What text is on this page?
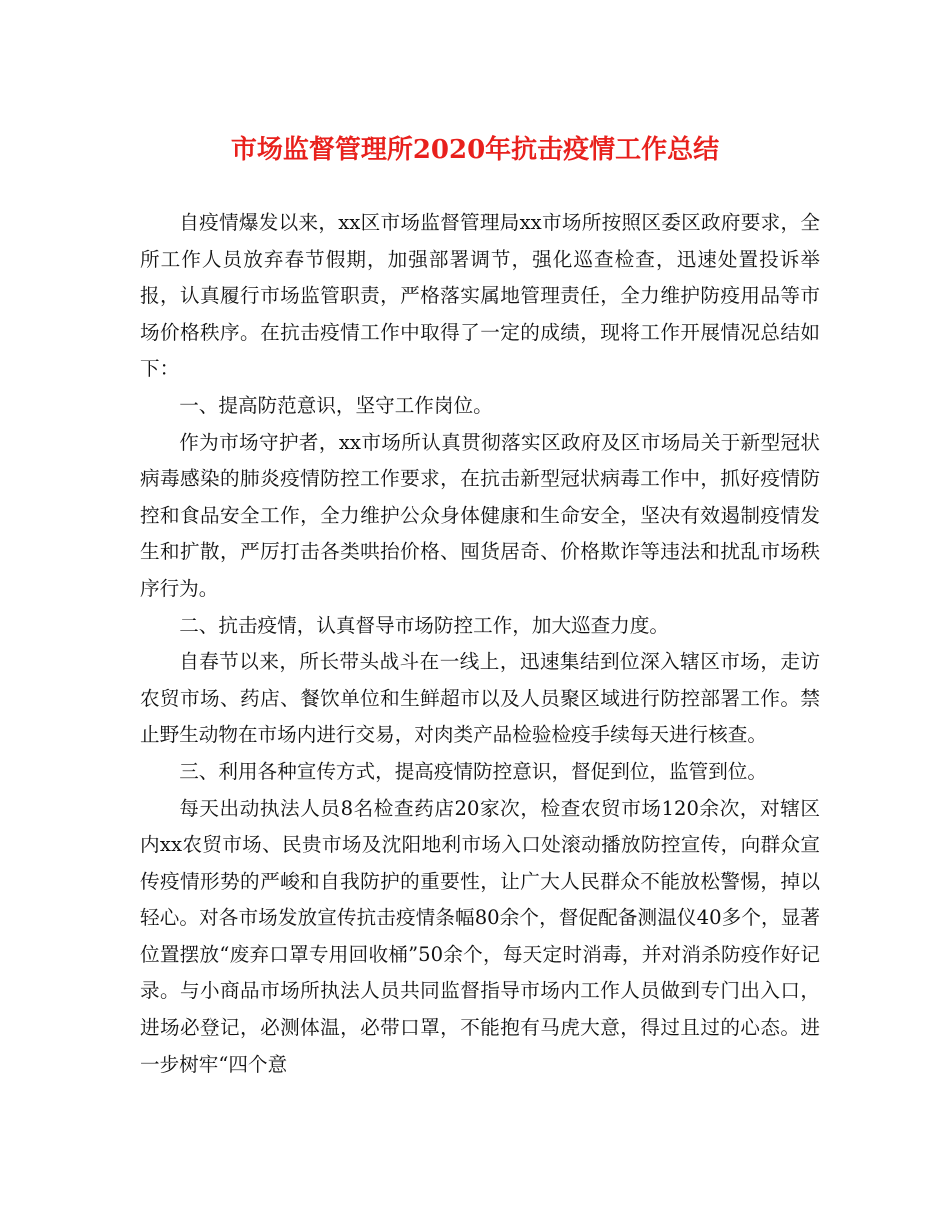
市场监督管理所2020年抗击疫情工作总结

自疫情爆发以来，xx区市场监督管理局xx市场所按照区委区政府要求，全所工作人员放弃春节假期，加强部署调节，强化巡查检查，迅速处置投诉举报，认真履行市场监管职责，严格落实属地管理责任，全力维护防疫用品等市场价格秩序。在抗击疫情工作中取得了一定的成绩，现将工作开展情况总结如下：

一、提高防范意识，坚守工作岗位。

作为市场守护者，xx市场所认真贯彻落实区政府及区市场局关于新型冠状病毒感染的肺炎疫情防控工作要求，在抗击新型冠状病毒工作中，抓好疫情防控和食品安全工作，全力维护公众身体健康和生命安全，坚决有效遏制疫情发生和扩散，严厉打击各类哄抬价格、囤货居奇、价格欺诈等违法和扰乱市场秩序行为。

二、抗击疫情，认真督导市场防控工作，加大巡查力度。

自春节以来，所长带头战斗在一线上，迅速集结到位深入辖区市场，走访农贸市场、药店、餐饮单位和生鲜超市以及人员聚区域进行防控部署工作。禁止野生动物在市场内进行交易，对肉类产品检验检疫手续每天进行核查。

三、利用各种宣传方式，提高疫情防控意识，督促到位，监管到位。

每天出动执法人员8名检查药店20家次，检查农贸市场120余次，对辖区内xx农贸市场、民贵市场及沈阳地利市场入口处滚动播放防控宣传，向群众宣传疫情形势的严峻和自我防护的重要性，让广大人民群众不能放松警惕，掉以轻心。对各市场发放宣传抗击疫情条幅80余个，督促配备测温仪40多个，显著位置摆放“废弃口罩专用回收桶”50余个，每天定时消毒，并对消杀防疫作好记录。与小商品市场所执法人员共同监督指导市场内工作人员做到专门出入口，进场必登记，必测体温，必带口罩，不能抱有马虎大意，得过且过的心态。进一步树牢“四个意
